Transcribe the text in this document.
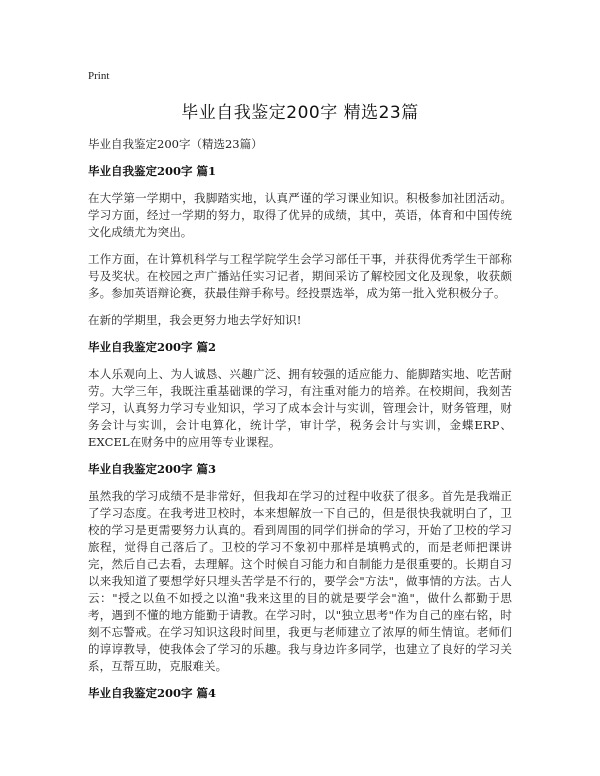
Print
毕业自我鉴定200字 精选23篇

毕业自我鉴定200字（精选23篇）

毕业自我鉴定200字 篇1

在大学第一学期中，我脚踏实地，认真严谨的学习课业知识。积极参加社团活动。学习方面，经过一学期的努力，取得了优异的成绩，其中，英语，体育和中国传统文化成绩尤为突出。

工作方面，在计算机科学与工程学院学生会学习部任干事，并获得优秀学生干部称号及奖状。在校园之声广播站任实习记者，期间采访了解校园文化及现象，收获颇多。参加英语辩论赛，获最佳辩手称号。经投票选举，成为第一批入党积极分子。

在新的学期里，我会更努力地去学好知识!

毕业自我鉴定200字 篇2

本人乐观向上、为人诚恳、兴趣广泛、拥有较强的适应能力、能脚踏实地、吃苦耐劳。大学三年，我既注重基础课的学习，有注重对能力的培养。在校期间，我刻苦学习，认真努力学习专业知识，学习了成本会计与实训，管理会计，财务管理，财务会计与实训，会计电算化，统计学，审计学，税务会计与实训，金蝶ERP、EXCEL在财务中的应用等专业课程。

毕业自我鉴定200字 篇3

虽然我的学习成绩不是非常好，但我却在学习的过程中收获了很多。首先是我端正了学习态度。在我考进卫校时，本来想解放一下自己的，但是很快我就明白了，卫校的学习是更需要努力认真的。看到周围的同学们拼命的学习，开始了卫校的学习旅程，觉得自己落后了。卫校的学习不象初中那样是填鸭式的，而是老师把课讲完，然后自己去看，去理解。这个时候自习能力和自制能力是很重要的。长期自习以来我知道了要想学好只埋头苦学是不行的，要学会"方法"，做事情的方法。古人云："授之以鱼不如授之以渔"我来这里的目的就是要学会"渔"，做什么都勤于思考，遇到不懂的地方能勤于请教。在学习时，以"独立思考"作为自己的座右铭，时刻不忘警戒。在学习知识这段时间里，我更与老师建立了浓厚的师生情谊。老师们的谆谆教导，使我体会了学习的乐趣。我与身边许多同学，也建立了良好的学习关系，互帮互助，克服难关。

毕业自我鉴定200字 篇4
